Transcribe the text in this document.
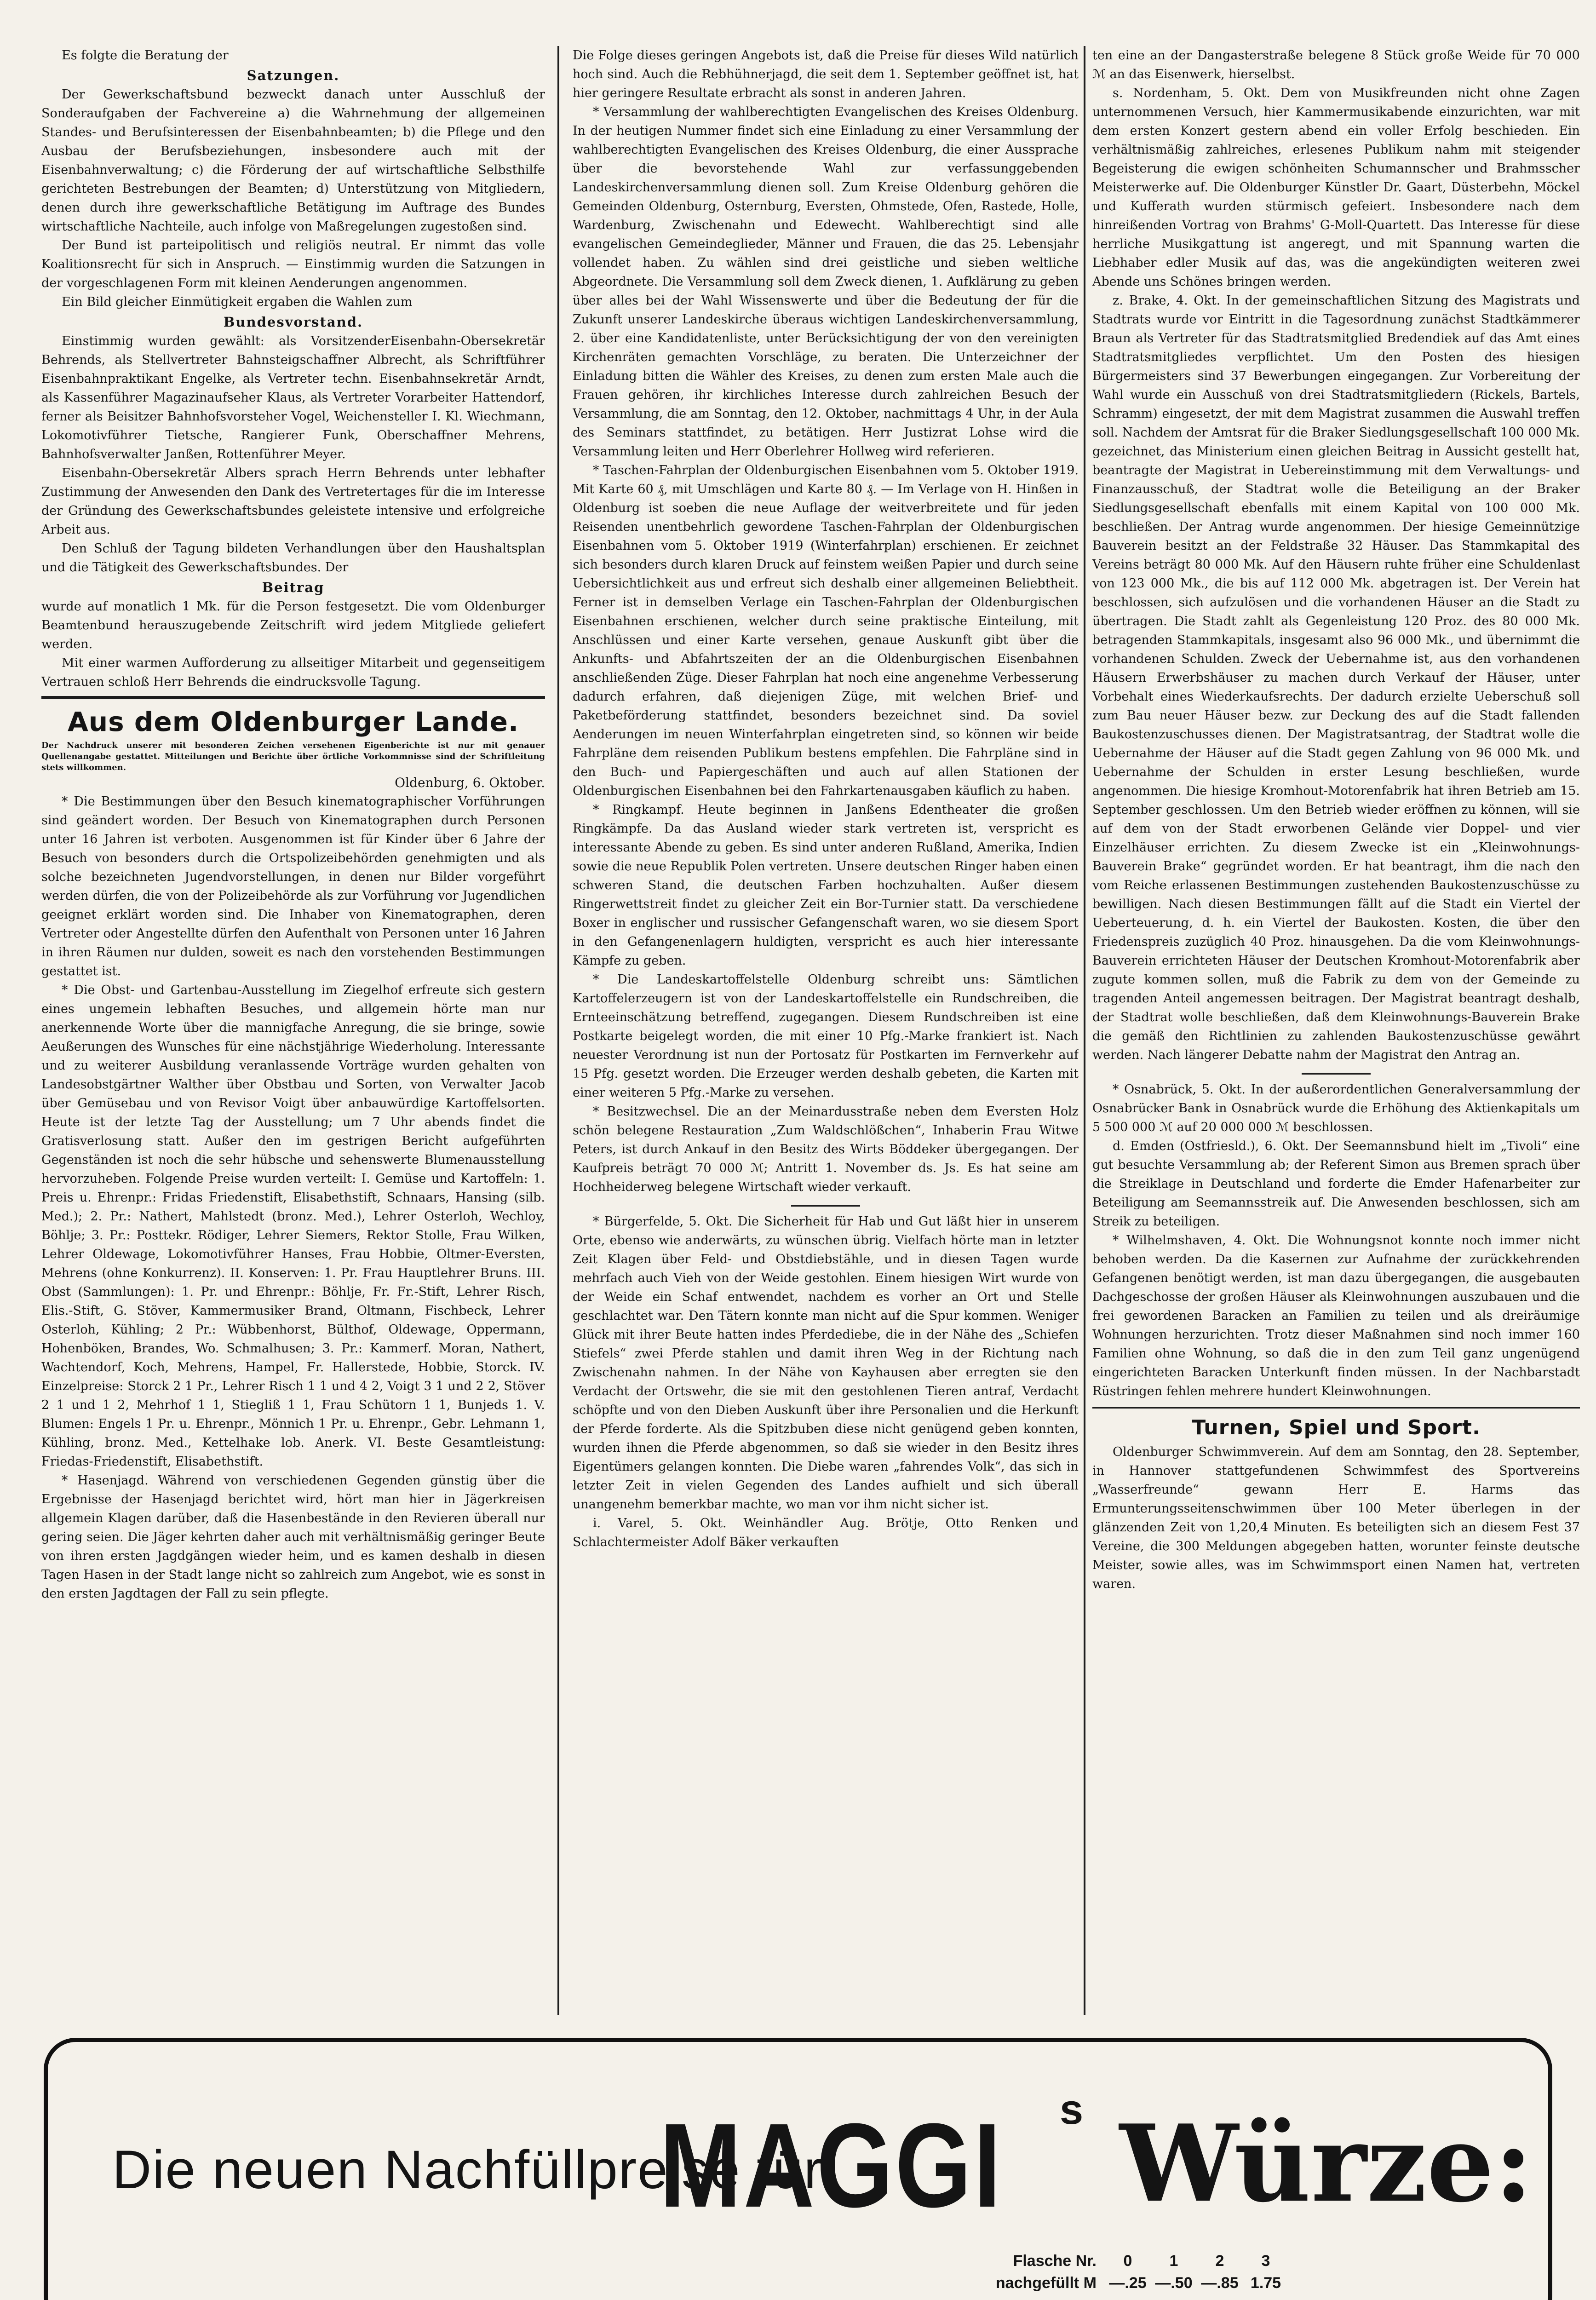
Es folgte die Beratung der

Satzungen.

Der Gewerkschaftsbund bezweckt danach unter Ausschluß der Sonderaufgaben der Fachvereine a) die Wahrnehmung der allgemeinen Standes- und Berufsinteressen der Eisenbahnbeamten; b) die Pflege und den Ausbau der Berufsbeziehungen, insbesondere auch mit der Eisenbahnverwaltung; c) die Förderung der auf wirtschaftliche Selbsthilfe gerichteten Bestrebungen der Beamten; d) Unterstützung von Mitgliedern, denen durch ihre gewerkschaftliche Betätigung im Auftrage des Bundes wirtschaftliche Nachteile, auch infolge von Maßregelungen zugestoßen sind.

Der Bund ist parteipolitisch und religiös neutral. Er nimmt das volle Koalitionsrecht für sich in Anspruch. — Einstimmig wurden die Satzungen in der vorgeschlagenen Form mit kleinen Aenderungen angenommen.

Ein Bild gleicher Einmütigkeit ergaben die Wahlen zum

Bundesvorstand.

Einstimmig wurden gewählt: als VorsitzenderEisenbahn-Obersekretär Behrends, als Stellvertreter Bahnsteigschaffner Albrecht, als Schriftführer Eisenbahnpraktikant Engelke, als Vertreter techn. Eisenbahnsekretär Arndt, als Kassenführer Magazinaufseher Klaus, als Vertreter Vorarbeiter Hattendorf, ferner als Beisitzer Bahnhofsvorsteher Vogel, Weichensteller I. Kl. Wiechmann, Lokomotivführer Tietsche, Rangierer Funk, Oberschaffner Mehrens, Bahnhofsverwalter Janßen, Rottenführer Meyer.

Eisenbahn-Obersekretär Albers sprach Herrn Behrends unter lebhafter Zustimmung der Anwesenden den Dank des Vertretertages für die im Interesse der Gründung des Gewerkschaftsbundes geleistete intensive und erfolgreiche Arbeit aus.

Den Schluß der Tagung bildeten Verhandlungen über den Haushaltsplan und die Tätigkeit des Gewerkschaftsbundes. Der

Beitrag

wurde auf monatlich 1 Mk. für die Person festgesetzt. Die vom Oldenburger Beamtenbund herauszugebende Zeitschrift wird jedem Mitgliede geliefert werden.

Mit einer warmen Aufforderung zu allseitiger Mitarbeit und gegenseitigem Vertrauen schloß Herr Behrends die eindrucksvolle Tagung.

Aus dem Oldenburger Lande.

Der Nachdruck unserer mit besonderen Zeichen versehenen Eigenberichte ist nur mit genauer Quellenangabe gestattet. Mitteilungen und Berichte über örtliche Vorkommnisse sind der Schriftleitung stets willkommen.

Oldenburg, 6. Oktober.

* Die Bestimmungen über den Besuch kinematographischer Vorführungen sind geändert worden. Der Besuch von Kinematographen durch Personen unter 16 Jahren ist verboten. Ausgenommen ist für Kinder über 6 Jahre der Besuch von besonders durch die Ortspolizeibehörden genehmigten und als solche bezeichneten Jugendvorstellungen, in denen nur Bilder vorgeführt werden dürfen, die von der Polizeibehörde als zur Vorführung vor Jugendlichen geeignet erklärt worden sind. Die Inhaber von Kinematographen, deren Vertreter oder Angestellte dürfen den Aufenthalt von Personen unter 16 Jahren in ihren Räumen nur dulden, soweit es nach den vorstehenden Bestimmungen gestattet ist.

* Die Obst- und Gartenbau-Ausstellung im Ziegelhof erfreute sich gestern eines ungemein lebhaften Besuches, und allgemein hörte man nur anerkennende Worte über die mannigfache Anregung, die sie bringe, sowie Aeußerungen des Wunsches für eine nächstjährige Wiederholung. Interessante und zu weiterer Ausbildung veranlassende Vorträge wurden gehalten von Landesobstgärtner Walther über Obstbau und Sorten, von Verwalter Jacob über Gemüsebau und von Revisor Voigt über anbauwürdige Kartoffelsorten. Heute ist der letzte Tag der Ausstellung; um 7 Uhr abends findet die Gratisverlosung statt. Außer den im gestrigen Bericht aufgeführten Gegenständen ist noch die sehr hübsche und sehenswerte Blumenausstellung hervorzuheben. Folgende Preise wurden verteilt: I. Gemüse und Kartoffeln: 1. Preis u. Ehrenpr.: Fridas Friedenstift, Elisabethstift, Schnaars, Hansing (silb. Med.); 2. Pr.: Nathert, Mahlstedt (bronz. Med.), Lehrer Osterloh, Wechloy, Böhlje; 3. Pr.: Posttekr. Rödiger, Lehrer Siemers, Rektor Stolle, Frau Wilken, Lehrer Oldewage, Lokomotivführer Hanses, Frau Hobbie, Oltmer-Eversten, Mehrens (ohne Konkurrenz). II. Konserven: 1. Pr. Frau Hauptlehrer Bruns. III. Obst (Sammlungen): 1. Pr. und Ehrenpr.: Böhlje, Fr. Fr.-Stift, Lehrer Risch, Elis.-Stift, G. Stöver, Kammermusiker Brand, Oltmann, Fischbeck, Lehrer Osterloh, Kühling; 2 Pr.: Wübbenhorst, Bülthof, Oldewage, Oppermann, Hohenböken, Brandes, Wo. Schmalhusen; 3. Pr.: Kammerf. Moran, Nathert, Wachtendorf, Koch, Mehrens, Hampel, Fr. Hallerstede, Hobbie, Storck. IV. Einzelpreise: Storck 2 1 Pr., Lehrer Risch 1 1 und 4 2, Voigt 3 1 und 2 2, Stöver 2 1 und 1 2, Mehrhof 1 1, Stiegliß 1 1, Frau Schütorn 1 1, Bunjeds 1. V. Blumen: Engels 1 Pr. u. Ehrenpr., Mönnich 1 Pr. u. Ehrenpr., Gebr. Lehmann 1, Kühling, bronz. Med., Kettelhake lob. Anerk. VI. Beste Gesamtleistung: Friedas-Friedenstift, Elisabethstift.

* Hasenjagd. Während von verschiedenen Gegenden günstig über die Ergebnisse der Hasenjagd berichtet wird, hört man hier in Jägerkreisen allgemein Klagen darüber, daß die Hasenbestände in den Revieren überall nur gering seien. Die Jäger kehrten daher auch mit verhältnismäßig geringer Beute von ihren ersten Jagdgängen wieder heim, und es kamen deshalb in diesen Tagen Hasen in der Stadt lange nicht so zahlreich zum Angebot, wie es sonst in den ersten Jagdtagen der Fall zu sein pflegte.

Die Folge dieses geringen Angebots ist, daß die Preise für dieses Wild natürlich hoch sind. Auch die Rebhühnerjagd, die seit dem 1. September geöffnet ist, hat hier geringere Resultate erbracht als sonst in anderen Jahren.

* Versammlung der wahlberechtigten Evangelischen des Kreises Oldenburg. In der heutigen Nummer findet sich eine Einladung zu einer Versammlung der wahlberechtigten Evangelischen des Kreises Oldenburg, die einer Aussprache über die bevorstehende Wahl zur verfassunggebenden Landeskirchenversammlung dienen soll. Zum Kreise Oldenburg gehören die Gemeinden Oldenburg, Osternburg, Eversten, Ohmstede, Ofen, Rastede, Holle, Wardenburg, Zwischenahn und Edewecht. Wahlberechtigt sind alle evangelischen Gemeindeglieder, Männer und Frauen, die das 25. Lebensjahr vollendet haben. Zu wählen sind drei geistliche und sieben weltliche Abgeordnete. Die Versammlung soll dem Zweck dienen, 1. Aufklärung zu geben über alles bei der Wahl Wissenswerte und über die Bedeutung der für die Zukunft unserer Landeskirche überaus wichtigen Landeskirchenversammlung, 2. über eine Kandidatenliste, unter Berücksichtigung der von den vereinigten Kirchenräten gemachten Vorschläge, zu beraten. Die Unterzeichner der Einladung bitten die Wähler des Kreises, zu denen zum ersten Male auch die Frauen gehören, ihr kirchliches Interesse durch zahlreichen Besuch der Versammlung, die am Sonntag, den 12. Oktober, nachmittags 4 Uhr, in der Aula des Seminars stattfindet, zu betätigen. Herr Justizrat Lohse wird die Versammlung leiten und Herr Oberlehrer Hollweg wird referieren.

* Taschen-Fahrplan der Oldenburgischen Eisenbahnen vom 5. Oktober 1919. Mit Karte 60 ₰, mit Umschlägen und Karte 80 ₰. — Im Verlage von H. Hinßen in Oldenburg ist soeben die neue Auflage der weitverbreitete und für jeden Reisenden unentbehrlich gewordene Taschen-Fahrplan der Oldenburgischen Eisenbahnen vom 5. Oktober 1919 (Winterfahrplan) erschienen. Er zeichnet sich besonders durch klaren Druck auf feinstem weißen Papier und durch seine Uebersichtlichkeit aus und erfreut sich deshalb einer allgemeinen Beliebtheit. Ferner ist in demselben Verlage ein Taschen-Fahrplan der Oldenburgischen Eisenbahnen erschienen, welcher durch seine praktische Einteilung, mit Anschlüssen und einer Karte versehen, genaue Auskunft gibt über die Ankunfts- und Abfahrtszeiten der an die Oldenburgischen Eisenbahnen anschließenden Züge. Dieser Fahrplan hat noch eine angenehme Verbesserung dadurch erfahren, daß diejenigen Züge, mit welchen Brief- und Paketbeförderung stattfindet, besonders bezeichnet sind. Da soviel Aenderungen im neuen Winterfahrplan eingetreten sind, so können wir beide Fahrpläne dem reisenden Publikum bestens empfehlen. Die Fahrpläne sind in den Buch- und Papiergeschäften und auch auf allen Stationen der Oldenburgischen Eisenbahnen bei den Fahrkartenausgaben käuflich zu haben.

* Ringkampf. Heute beginnen in Janßens Edentheater die großen Ringkämpfe. Da das Ausland wieder stark vertreten ist, verspricht es interessante Abende zu geben. Es sind unter anderen Rußland, Amerika, Indien sowie die neue Republik Polen vertreten. Unsere deutschen Ringer haben einen schweren Stand, die deutschen Farben hochzuhalten. Außer diesem Ringerwettstreit findet zu gleicher Zeit ein Bor-Turnier statt. Da verschiedene Boxer in englischer und russischer Gefangenschaft waren, wo sie diesem Sport in den Gefangenenlagern huldigten, verspricht es auch hier interessante Kämpfe zu geben.

* Die Landeskartoffelstelle Oldenburg schreibt uns: Sämtlichen Kartoffelerzeugern ist von der Landeskartoffelstelle ein Rundschreiben, die Ernteeinschätzung betreffend, zugegangen. Diesem Rundschreiben ist eine Postkarte beigelegt worden, die mit einer 10 Pfg.-Marke frankiert ist. Nach neuester Verordnung ist nun der Portosatz für Postkarten im Fernverkehr auf 15 Pfg. gesetzt worden. Die Erzeuger werden deshalb gebeten, die Karten mit einer weiteren 5 Pfg.-Marke zu versehen.

* Besitzwechsel. Die an der Meinardusstraße neben dem Eversten Holz schön belegene Restauration „Zum Waldschlößchen“, Inhaberin Frau Witwe Peters, ist durch Ankauf in den Besitz des Wirts Böddeker übergegangen. Der Kaufpreis beträgt 70 000 ℳ; Antritt 1. November ds. Js. Es hat seine am Hochheiderweg belegene Wirtschaft wieder verkauft.

* Bürgerfelde, 5. Okt. Die Sicherheit für Hab und Gut läßt hier in unserem Orte, ebenso wie anderwärts, zu wünschen übrig. Vielfach hörte man in letzter Zeit Klagen über Feld- und Obstdiebstähle, und in diesen Tagen wurde mehrfach auch Vieh von der Weide gestohlen. Einem hiesigen Wirt wurde von der Weide ein Schaf entwendet, nachdem es vorher an Ort und Stelle geschlachtet war. Den Tätern konnte man nicht auf die Spur kommen. Weniger Glück mit ihrer Beute hatten indes Pferdediebe, die in der Nähe des „Schiefen Stiefels“ zwei Pferde stahlen und damit ihren Weg in der Richtung nach Zwischenahn nahmen. In der Nähe von Kayhausen aber erregten sie den Verdacht der Ortswehr, die sie mit den gestohlenen Tieren antraf, Verdacht schöpfte und von den Dieben Auskunft über ihre Personalien und die Herkunft der Pferde forderte. Als die Spitzbuben diese nicht genügend geben konnten, wurden ihnen die Pferde abgenommen, so daß sie wieder in den Besitz ihres Eigentümers gelangen konnten. Die Diebe waren „fahrendes Volk“, das sich in letzter Zeit in vielen Gegenden des Landes aufhielt und sich überall unangenehm bemerkbar machte, wo man vor ihm nicht sicher ist.

i. Varel, 5. Okt. Weinhändler Aug. Brötje, Otto Renken und Schlachtermeister Adolf Bäker verkauften

ten eine an der Dangasterstraße belegene 8 Stück große Weide für 70 000 ℳ an das Eisenwerk, hierselbst.

s. Nordenham, 5. Okt. Dem von Musikfreunden nicht ohne Zagen unternommenen Versuch, hier Kammermusikabende einzurichten, war mit dem ersten Konzert gestern abend ein voller Erfolg beschieden. Ein verhältnismäßig zahlreiches, erlesenes Publikum nahm mit steigender Begeisterung die ewigen schönheiten Schumannscher und Brahmsscher Meisterwerke auf. Die Oldenburger Künstler Dr. Gaart, Düsterbehn, Möckel und Kufferath wurden stürmisch gefeiert. Insbesondere nach dem hinreißenden Vortrag von Brahms' G-Moll-Quartett. Das Interesse für diese herrliche Musikgattung ist angeregt, und mit Spannung warten die Liebhaber edler Musik auf das, was die angekündigten weiteren zwei Abende uns Schönes bringen werden.

z. Brake, 4. Okt. In der gemeinschaftlichen Sitzung des Magistrats und Stadtrats wurde vor Eintritt in die Tagesordnung zunächst Stadtkämmerer Braun als Vertreter für das Stadtratsmitglied Bredendiek auf das Amt eines Stadtratsmitgliedes verpflichtet. Um den Posten des hiesigen Bürgermeisters sind 37 Bewerbungen eingegangen. Zur Vorbereitung der Wahl wurde ein Ausschuß von drei Stadtratsmitgliedern (Rickels, Bartels, Schramm) eingesetzt, der mit dem Magistrat zusammen die Auswahl treffen soll. Nachdem der Amtsrat für die Braker Siedlungsgesellschaft 100 000 Mk. gezeichnet, das Ministerium einen gleichen Beitrag in Aussicht gestellt hat, beantragte der Magistrat in Uebereinstimmung mit dem Verwaltungs- und Finanzausschuß, der Stadtrat wolle die Beteiligung an der Braker Siedlungsgesellschaft ebenfalls mit einem Kapital von 100 000 Mk. beschließen. Der Antrag wurde angenommen. Der hiesige Gemeinnützige Bauverein besitzt an der Feldstraße 32 Häuser. Das Stammkapital des Vereins beträgt 80 000 Mk. Auf den Häusern ruhte früher eine Schuldenlast von 123 000 Mk., die bis auf 112 000 Mk. abgetragen ist. Der Verein hat beschlossen, sich aufzulösen und die vorhandenen Häuser an die Stadt zu übertragen. Die Stadt zahlt als Gegenleistung 120 Proz. des 80 000 Mk. betragenden Stammkapitals, insgesamt also 96 000 Mk., und übernimmt die vorhandenen Schulden. Zweck der Uebernahme ist, aus den vorhandenen Häusern Erwerbshäuser zu machen durch Verkauf der Häuser, unter Vorbehalt eines Wiederkaufsrechts. Der dadurch erzielte Ueberschuß soll zum Bau neuer Häuser bezw. zur Deckung des auf die Stadt fallenden Baukostenzuschusses dienen. Der Magistratsantrag, der Stadtrat wolle die Uebernahme der Häuser auf die Stadt gegen Zahlung von 96 000 Mk. und Uebernahme der Schulden in erster Lesung beschließen, wurde angenommen. Die hiesige Kromhout-Motorenfabrik hat ihren Betrieb am 15. September geschlossen. Um den Betrieb wieder eröffnen zu können, will sie auf dem von der Stadt erworbenen Gelände vier Doppel- und vier Einzelhäuser errichten. Zu diesem Zwecke ist ein „Kleinwohnungs-Bauverein Brake“ gegründet worden. Er hat beantragt, ihm die nach den vom Reiche erlassenen Bestimmungen zustehenden Baukostenzuschüsse zu bewilligen. Nach diesen Bestimmungen fällt auf die Stadt ein Viertel der Ueberteuerung, d. h. ein Viertel der Baukosten. Kosten, die über den Friedenspreis zuzüglich 40 Proz. hinausgehen. Da die vom Kleinwohnungs-Bauverein errichteten Häuser der Deutschen Kromhout-Motorenfabrik aber zugute kommen sollen, muß die Fabrik zu dem von der Gemeinde zu tragenden Anteil angemessen beitragen. Der Magistrat beantragt deshalb, der Stadtrat wolle beschließen, daß dem Kleinwohnungs-Bauverein Brake die gemäß den Richtlinien zu zahlenden Baukostenzuschüsse gewährt werden. Nach längerer Debatte nahm der Magistrat den Antrag an.

* Osnabrück, 5. Okt. In der außerordentlichen Generalversammlung der Osnabrücker Bank in Osnabrück wurde die Erhöhung des Aktienkapitals um 5 500 000 ℳ auf 20 000 000 ℳ beschlossen.

d. Emden (Ostfriesld.), 6. Okt. Der Seemannsbund hielt im „Tivoli“ eine gut besuchte Versammlung ab; der Referent Simon aus Bremen sprach über die Streiklage in Deutschland und forderte die Emder Hafenarbeiter zur Beteiligung am Seemannsstreik auf. Die Anwesenden beschlossen, sich am Streik zu beteiligen.

* Wilhelmshaven, 4. Okt. Die Wohnungsnot konnte noch immer nicht behoben werden. Da die Kasernen zur Aufnahme der zurückkehrenden Gefangenen benötigt werden, ist man dazu übergegangen, die ausgebauten Dachgeschosse der großen Häuser als Kleinwohnungen auszubauen und die frei gewordenen Baracken an Familien zu teilen und als dreiräumige Wohnungen herzurichten. Trotz dieser Maßnahmen sind noch immer 160 Familien ohne Wohnung, so daß die in den zum Teil ganz ungenügend eingerichteten Baracken Unterkunft finden müssen. In der Nachbarstadt Rüstringen fehlen mehrere hundert Kleinwohnungen.

Turnen, Spiel und Sport.

Oldenburger Schwimmverein. Auf dem am Sonntag, den 28. September, in Hannover stattgefundenen Schwimmfest des Sportvereins „Wasserfreunde“ gewann Herr E. Harms das Ermunterungsseitenschwimmen über 100 Meter überlegen in der glänzenden Zeit von 1,20,4 Minuten. Es beteiligten sich an diesem Fest 37 Vereine, die 300 Meldungen abgegeben hatten, worunter feinste deutsche Meister, sowie alles, was im Schwimmsport einen Namen hat, vertreten waren.

Die neuen Nachfüllpreise für
MAGGI s Würze:
Flasche Nr.	0	1	2	3
nachgefüllt M —.25 —.50 —.85 1.75
